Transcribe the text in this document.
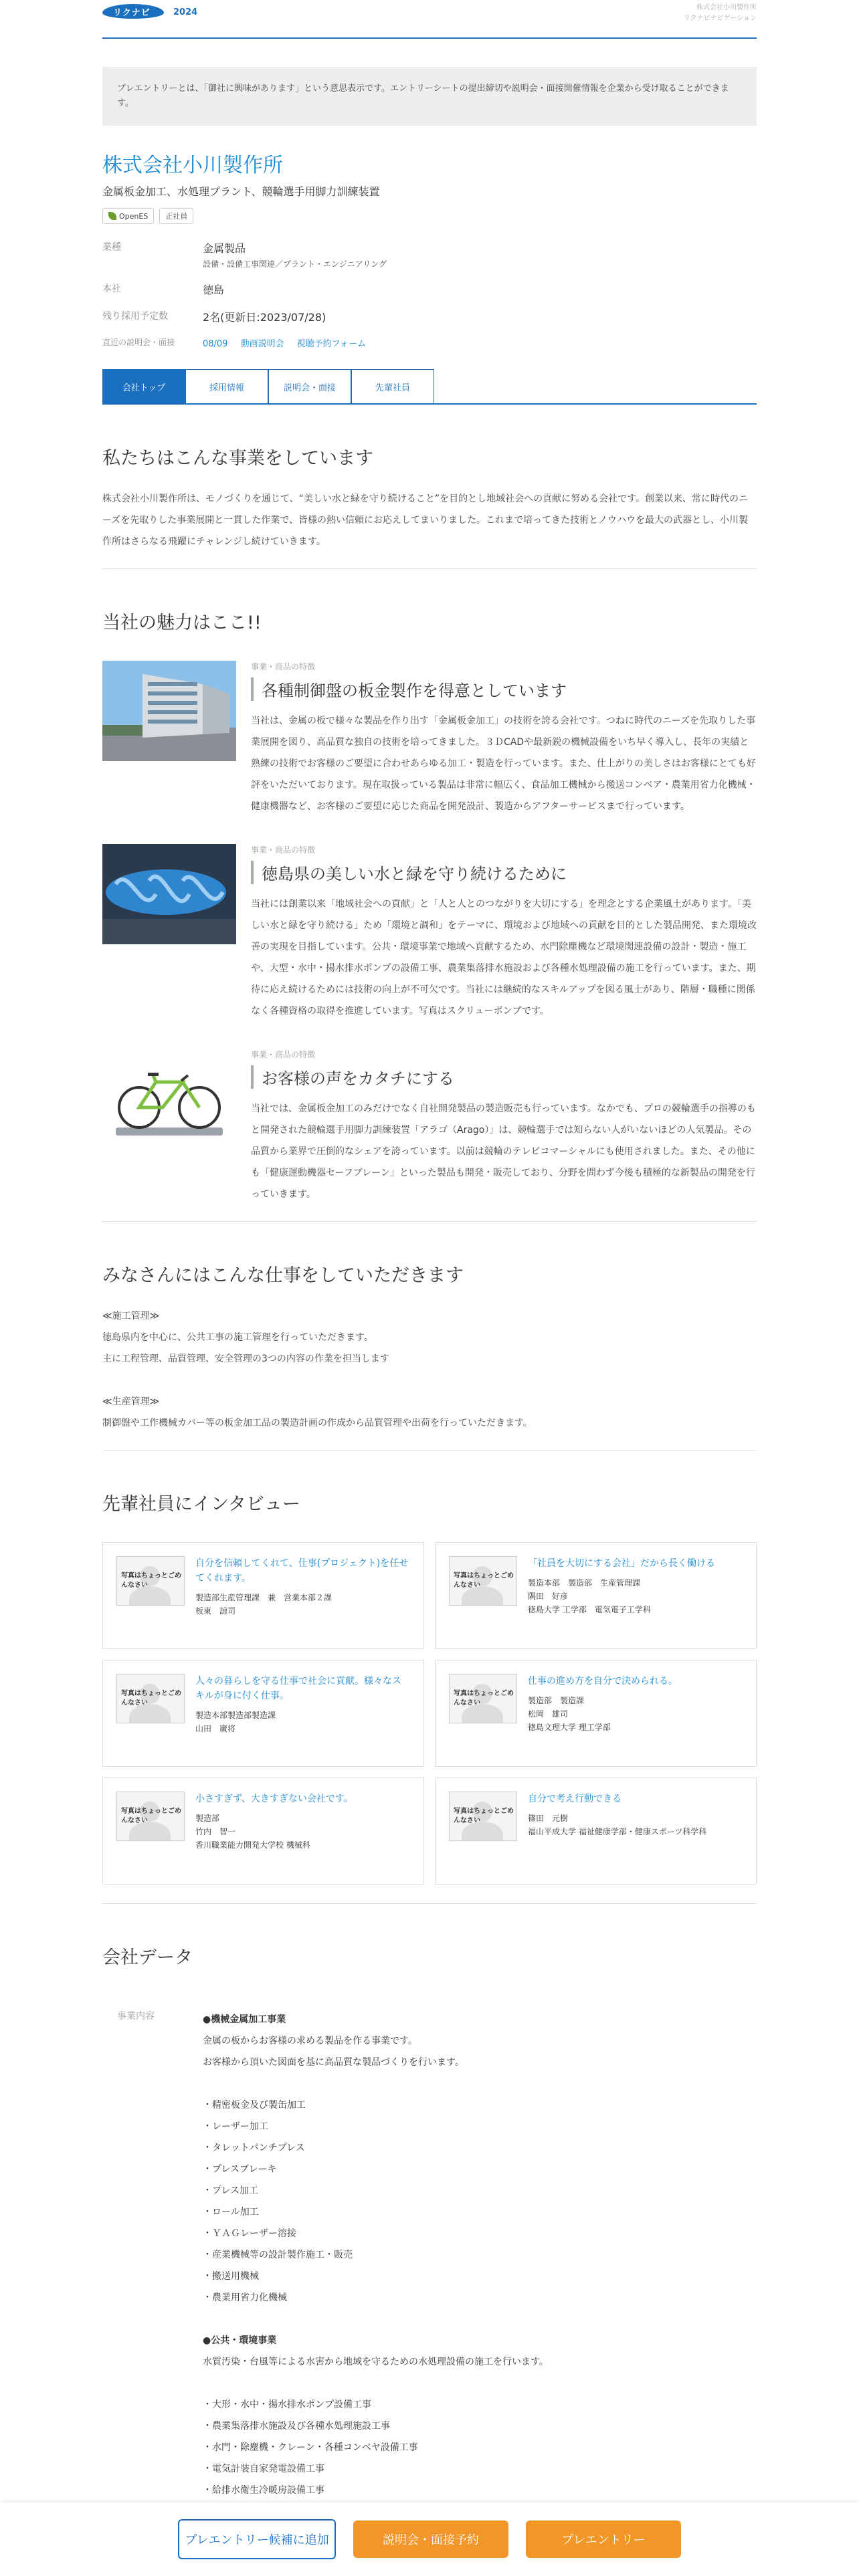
リクナビ	2024	株式会社小川製作所
リクナビナビゲーション
プレエントリーとは、「御社に興味があります」という意思表示です。エントリーシートの提出締切や説明会・面接開催情報を企業から受け取ることができます。
株式会社小川製作所
金属板金加工、水処理プラント、競輪選手用脚力訓練装置
OpenES 正社員
業種	金属製品
設備・設備工事関連／プラント・エンジニアリング
本社	徳島
残り採用予定数	2名(更新日:2023/07/28)
直近の説明会・面接	08/09 動画説明会 視聴予約フォーム
会社トップ	採用情報	説明会・面接	先輩社員
私たちはこんな事業をしています
株式会社小川製作所は、モノづくりを通じて、“美しい水と緑を守り続けること”を目的とし地域社会への貢献に努める会社です。創業以来、常に時代のニーズを先取りした事業展開と一貫した作業で、皆様の熱い信頼にお応えしてまいりました。これまで培ってきた技術とノウハウを最大の武器とし、小川製作所はさらなる飛躍にチャレンジし続けていきます。
当社の魅力はここ!!
事業・商品の特徴
各種制御盤の板金製作を得意としています
当社は、金属の板で様々な製品を作り出す「金属板金加工」の技術を誇る会社です。つねに時代のニーズを先取りした事業展開を図り、高品質な独自の技術を培ってきました。３ＤCADや最新鋭の機械設備をいち早く導入し、長年の実績と熟練の技術でお客様のご要望に合わせあらゆる加工・製造を行っています。また、仕上がりの美しさはお客様にとても好評をいただいております。現在取扱っている製品は非常に幅広く、食品加工機械から搬送コンベア・農業用省力化機械・健康機器など、お客様のご要望に応じた商品を開発設計、製造からアフターサービスまで行っています。
事業・商品の特徴
徳島県の美しい水と緑を守り続けるために
当社には創業以来「地域社会への貢献」と「人と人とのつながりを大切にする」を理念とする企業風土があります。「美しい水と緑を守り続ける」ため「環境と調和」をテーマに、環境および地域への貢献を目的とした製品開発、また環境改善の実現を目指しています。公共・環境事業で地域へ貢献するため、水門除塵機など環境関連設備の設計・製造・施工や、大型・水中・揚水排水ポンプの設備工事、農業集落排水施設および各種水処理設備の施工を行っています。また、期待に応え続けるためには技術の向上が不可欠です。当社には継続的なスキルアップを図る風土があり、階層・職種に関係なく各種資格の取得を推進しています。写真はスクリューポンプです。
事業・商品の特徴
お客様の声をカタチにする
当社では、金属板金加工のみだけでなく自社開発製品の製造販売も行っています。なかでも、プロの競輪選手の指導のもと開発された競輪選手用脚力訓練装置「アラゴ（Arago）」は、競輪選手では知らない人がいないほどの人気製品。その品質から業界で圧倒的なシェアを誇っています。以前は競輪のテレビコマーシャルにも使用されました。また、その他にも「健康運動機器セーフブレーン」といった製品も開発・販売しており、分野を問わず今後も積極的な新製品の開発を行っていきます。
みなさんにはこんな仕事をしていただきます
≪施工管理≫
徳島県内を中心に、公共工事の施工管理を行っていただきます。
主に工程管理、品質管理、安全管理の3つの内容の作業を担当します
≪生産管理≫
制御盤や工作機械カバー等の板金加工品の製造計画の作成から品質管理や出荷を行っていただきます。
先輩社員にインタビュー
写真はちょっとごめんなさい
自分を信頼してくれて、仕事(プロジェクト)を任せてくれます。
製造部生産管理課　兼　営業本部２課
板東　諒司
写真はちょっとごめんなさい
「社員を大切にする会社」だから長く働ける
製造本部　製造部　生産管理課
隅田　好彦
徳島大学 工学部　電気電子工学科
写真はちょっとごめんなさい
人々の暮らしを守る仕事で社会に貢献。様々なスキルが身に付く仕事。
製造本部製造部製造課
山田　廣将
写真はちょっとごめんなさい
仕事の進め方を自分で決められる。
製造部　製造課
松岡　雄司
徳島文理大学 理工学部
写真はちょっとごめんなさい
小さすぎず、大きすぎない会社です。
製造部
竹内　智一
香川職業能力開発大学校 機械科
写真はちょっとごめんなさい
自分で考え行動できる
篠田　元樹
福山平成大学 福祉健康学部・健康スポーツ科学科
会社データ
事業内容	●機械金属加工事業
金属の板からお客様の求める製品を作る事業です。
お客様から頂いた図面を基に高品質な製品づくりを行います。
・精密板金及び製缶加工
・レーザー加工
・タレットパンチプレス
・プレスブレーキ
・プレス加工
・ロール加工
・ＹＡＧレーザー溶接
・産業機械等の設計製作施工・販売
・搬送用機械
・農業用省力化機械
●公共・環境事業
水質汚染・台風等による水害から地域を守るための水処理設備の施工を行います。
・大形・水中・揚水排水ポンプ設備工事
・農業集落排水施設及び各種水処理施設工事
・水門・除塵機・クレーン・各種コンベヤ設備工事
・電気計装自家発電設備工事
・給排水衛生冷暖房設備工事
プレエントリー候補に追加	説明会・面接予約	プレエントリー
